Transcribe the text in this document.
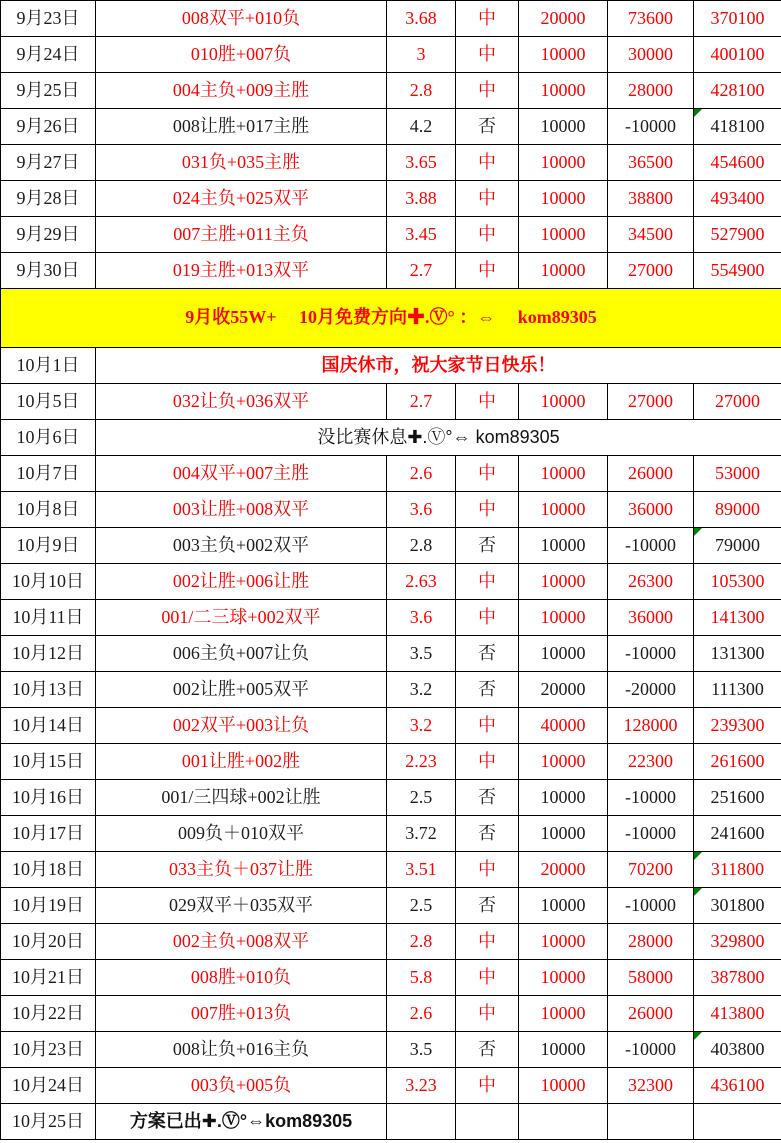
9月23日	008双平+010负	3.68	中	20000	73600	370100
9月24日	010胜+007负	3	中	10000	30000	400100
9月25日	004主负+009主胜	2.8	中	10000	28000	428100
9月26日	008让胜+017主胜	4.2	否	10000	-10000	418100

9月27日	031负+035主胜	3.65	中	10000	36500	454600
9月28日	024主负+025双平	3.88	中	10000	38800	493400
9月29日	007主胜+011主负	3.45	中	10000	34500	527900
9月30日	019主胜+013双平	2.7	中	10000	27000	554900
9月收55W+　 10月免费方向✚.Ⓥ° ：⇔　 kom89305						
10月1日	国庆休市，祝大家节日快乐！					
10月5日	032让负+036双平	2.7	中	10000	27000	27000
10月6日	没比赛休息✚.Ⓥ°⇔ kom89305					
10月7日	004双平+007主胜	2.6	中	10000	26000	53000
10月8日	003让胜+008双平	3.6	中	10000	36000	89000
10月9日	003主负+002双平	2.8	否	10000	-10000	79000

10月10日	002让胜+006让胜	2.63	中	10000	26300	105300
10月11日	001/二三球+002双平	3.6	中	10000	36000	141300
10月12日	006主负+007让负	3.5	否	10000	-10000	131300
10月13日	002让胜+005双平	3.2	否	20000	-20000	111300
10月14日	002双平+003让负	3.2	中	40000	128000	239300
10月15日	001让胜+002胜	2.23	中	10000	22300	261600
10月16日	001/三四球+002让胜	2.5	否	10000	-10000	251600
10月17日	009负＋010双平	3.72	否	10000	-10000	241600
10月18日	033主负＋037让胜	3.51	中	20000	70200	311800

10月19日	029双平＋035双平	2.5	否	10000	-10000	301800

10月20日	002主负+008双平	2.8	中	10000	28000	329800
10月21日	008胜+010负	5.8	中	10000	58000	387800
10月22日	007胜+013负	2.6	中	10000	26000	413800
10月23日	008让负+016主负	3.5	否	10000	-10000	403800

10月24日	003负+005负	3.23	中	10000	32300	436100
10月25日	方案已出✚.Ⓥ°⇔kom89305					
